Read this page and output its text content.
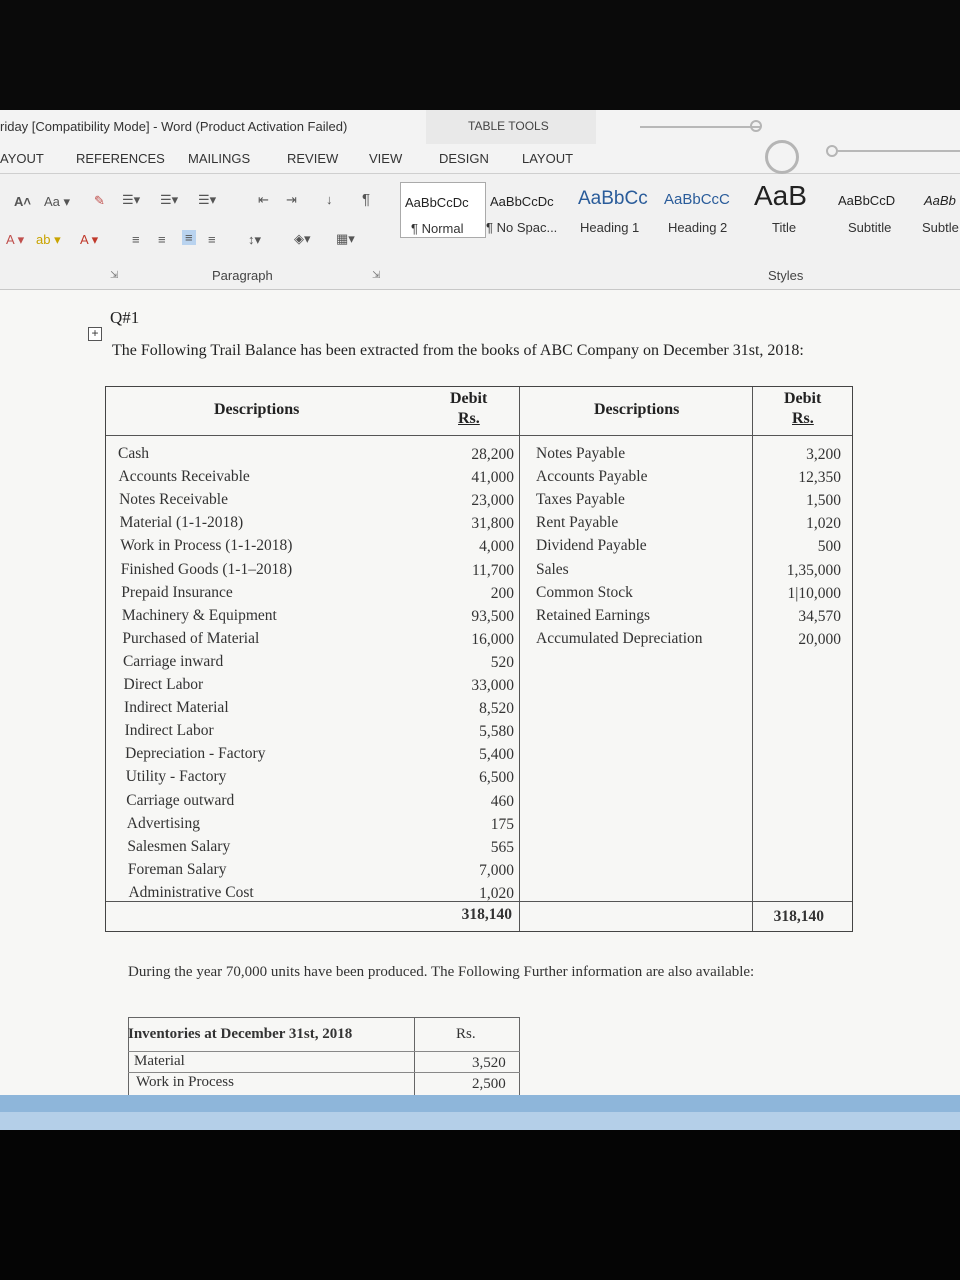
riday [Compatibility Mode] - Word (Product Activation Failed)	TABLE TOOLS
AYOUT REFERENCES MAILINGS	REVIEW VIEW	DESIGN	LAYOUT
A˄ Aa ▾ ✎ ☰▾ ☰▾ ☰▾	⇤ ⇥ ↓ ¶
A ▾ ab ▾ A ▾	≡ ≡ ≡ ≡ ↕▾	◈▾ ▦▾
⇲	Paragraph	⇲
AaBbCcDc
¶ Normal
AaBbCcDc
¶ No Spac...
AaBbCc
Heading 1
AaBbCcC
Heading 2
AaB
Title
AaBbCcD
Subtitle
AaBb
Subtle
Styles
Q#1
+

The Following Trail Balance has been extracted from the books of ABC Company on December 31st, 2018:

Descriptions
Debit
Rs.
Descriptions
Debit
Rs.
Cash	28,200
Accounts Receivable	41,000
Notes Receivable	23,000
Material (1-1-2018)	31,800
Work in Process (1-1-2018)	4,000
Finished Goods (1-1–2018)	11,700
Prepaid Insurance	200
Machinery & Equipment	93,500
Purchased of Material	16,000
Carriage inward	520
Direct Labor	33,000
Indirect Material	8,520
Indirect Labor	5,580
Depreciation - Factory	5,400
Utility - Factory	6,500
Carriage outward	460
Advertising	175
Salesmen Salary	565
Foreman Salary	7,000
Administrative Cost	1,020
Notes Payable	3,200
Accounts Payable	12,350
Taxes Payable	1,500
Rent Payable	1,020
Dividend Payable	500
Sales	1,35,000
Common Stock	1|10,000
Retained Earnings	34,570
Accumulated Depreciation	20,000
318,140	318,140

During the year 70,000 units have been produced. The Following Further information are also available:

Inventories at December 31st, 2018	Rs.
Material	3,520
Work in Process	2,500
